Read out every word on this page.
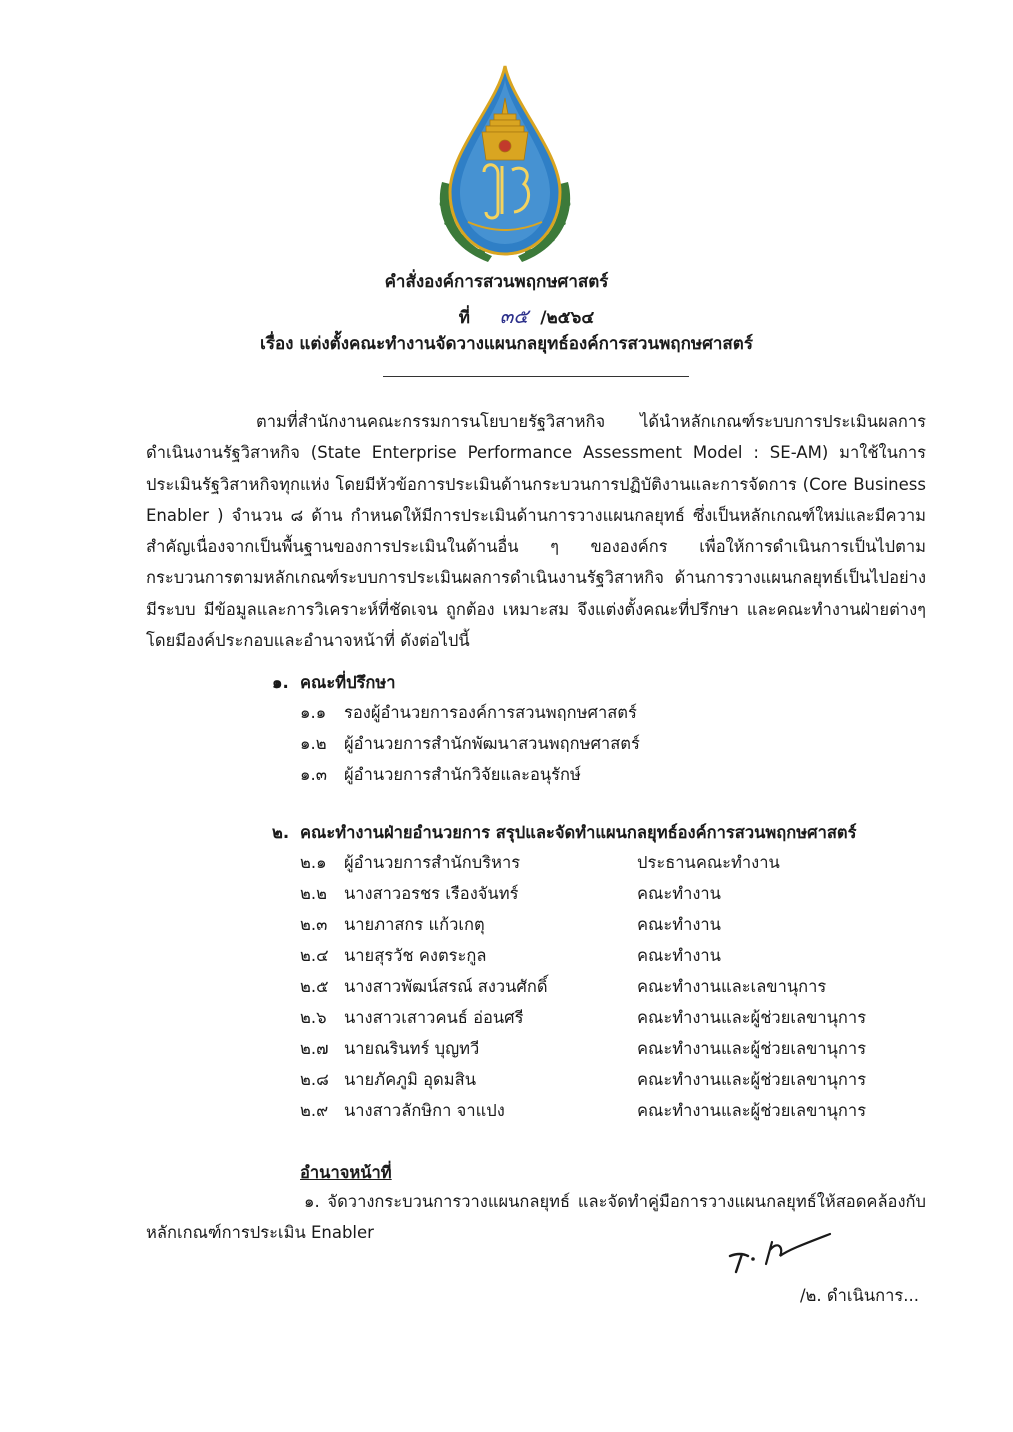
คำสั่งองค์การสวนพฤกษศาสตร์
ที่ ๓๕ /๒๕๖๔
เรื่อง แต่งตั้งคณะทำงานจัดวางแผนกลยุทธ์องค์การสวนพฤกษศาสตร์
ตามที่สำนักงานคณะกรรมการนโยบายรัฐวิสาหกิจ ได้นำหลักเกณฑ์ระบบการประเมินผลการดำเนินงานรัฐวิสาหกิจ (State Enterprise Performance Assessment Model : SE-AM) มาใช้ในการประเมินรัฐวิสาหกิจทุกแห่ง โดยมีหัวข้อการประเมินด้านกระบวนการปฏิบัติงานและการจัดการ (Core Business Enabler ) จำนวน ๘ ด้าน กำหนดให้มีการประเมินด้านการวางแผนกลยุทธ์ ซึ่งเป็นหลักเกณฑ์ใหม่และมีความสำคัญเนื่องจากเป็นพื้นฐานของการประเมินในด้านอื่น ๆ ขององค์กร เพื่อให้การดำเนินการเป็นไปตามกระบวนการตามหลักเกณฑ์ระบบการประเมินผลการดำเนินงานรัฐวิสาหกิจ ด้านการวางแผนกลยุทธ์เป็นไปอย่างมีระบบ มีข้อมูลและการวิเคราะห์ที่ชัดเจน ถูกต้อง เหมาะสม จึงแต่งตั้งคณะที่ปรึกษา และคณะทำงานฝ่ายต่างๆ โดยมีองค์ประกอบและอำนาจหน้าที่ ดังต่อไปนี้
๑. คณะที่ปรึกษา
๑.๑ รองผู้อำนวยการองค์การสวนพฤกษศาสตร์
๑.๒ ผู้อำนวยการสำนักพัฒนาสวนพฤกษศาสตร์
๑.๓ ผู้อำนวยการสำนักวิจัยและอนุรักษ์
๒. คณะทำงานฝ่ายอำนวยการ สรุปและจัดทำแผนกลยุทธ์องค์การสวนพฤกษศาสตร์
๒.๑ ผู้อำนวยการสำนักบริหาร	ประธานคณะทำงาน
๒.๒ นางสาวอรชร เรืองจันทร์	คณะทำงาน
๒.๓ นายภาสกร แก้วเกตุ	คณะทำงาน
๒.๔ นายสุรวัช คงตระกูล	คณะทำงาน
๒.๕ นางสาวพัฒน์สรณ์ สงวนศักดิ์	คณะทำงานและเลขานุการ
๒.๖ นางสาวเสาวคนธ์ อ่อนศรี	คณะทำงานและผู้ช่วยเลขานุการ
๒.๗ นายณรินทร์ บุญทวี	คณะทำงานและผู้ช่วยเลขานุการ
๒.๘ นายภัคภูมิ อุดมสิน	คณะทำงานและผู้ช่วยเลขานุการ
๒.๙ นางสาวลักษิกา จาแปง	คณะทำงานและผู้ช่วยเลขานุการ
อำนาจหน้าที่
๑. จัดวางกระบวนการวางแผนกลยุทธ์ และจัดทำคู่มือการวางแผนกลยุทธ์ให้สอดคล้องกับหลักเกณฑ์การประเมิน Enabler
/๒. ดำเนินการ...
